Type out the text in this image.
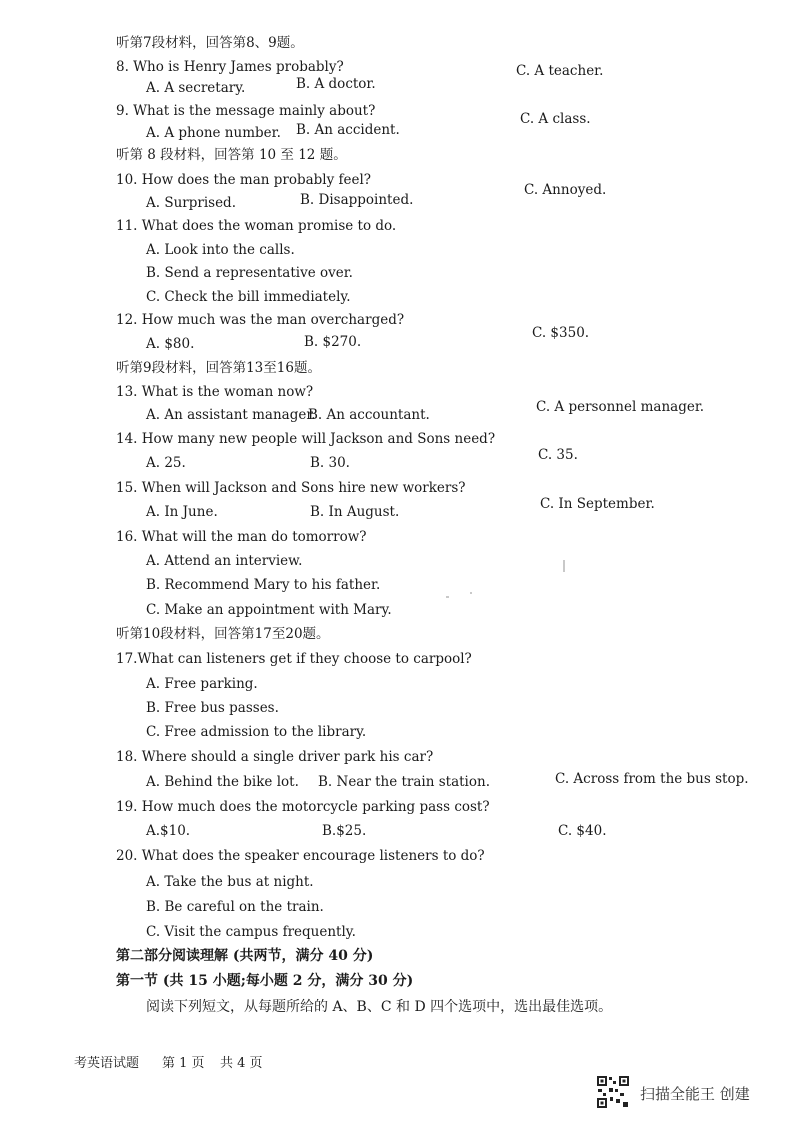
听第7段材料，回答第8、9题。
8. Who is Henry James probably?
A. A secretary.	B. A doctor.
C. A teacher.
9. What is the message mainly about?
A. A phone number. B. An accident.
C. A class.
听第 8 段材料，回答第 10 至 12 题。
10. How does the man probably feel?
A. Surprised.	B. Disappointed.
C. Annoyed.
11. What does the woman promise to do.
A. Look into the calls.
B. Send a representative over.
C. Check the bill immediately.
12. How much was the man overcharged?
A. $80.	B. $270.
C. $350.
听第9段材料，回答第13至16题。
13. What is the woman now?
A. An assistant manager.
B. An accountant.	C. A personnel manager.
14. How many new people will Jackson and Sons need?
A. 25.	B. 30.	C. 35.
15. When will Jackson and Sons hire new workers?
A. In June.	B. In August.	C. In September.
16. What will the man do tomorrow?
A. Attend an interview.
B. Recommend Mary to his father.
C. Make an appointment with Mary.
听第10段材料，回答第17至20题。
17.What can listeners get if they choose to carpool?
A. Free parking.
B. Free bus passes.
C. Free admission to the library.
18. Where should a single driver park his car?
A. Behind the bike lot. B. Near the train station.	C. Across from the bus stop.
19. How much does the motorcycle parking pass cost?
A.$10.	B.$25.	C. $40.
20. What does the speaker encourage listeners to do?
A. Take the bus at night.
B. Be careful on the train.
C. Visit the campus frequently.
第二部分阅读理解 (共两节，满分 40 分)
第一节 (共 15 小题;每小题 2 分，满分 30 分)
阅读下列短文，从每题所给的 A、B、C 和 D 四个选项中，选出最佳选项。
考英语试题 第 1 页 共 4 页
扫描全能王 创建
